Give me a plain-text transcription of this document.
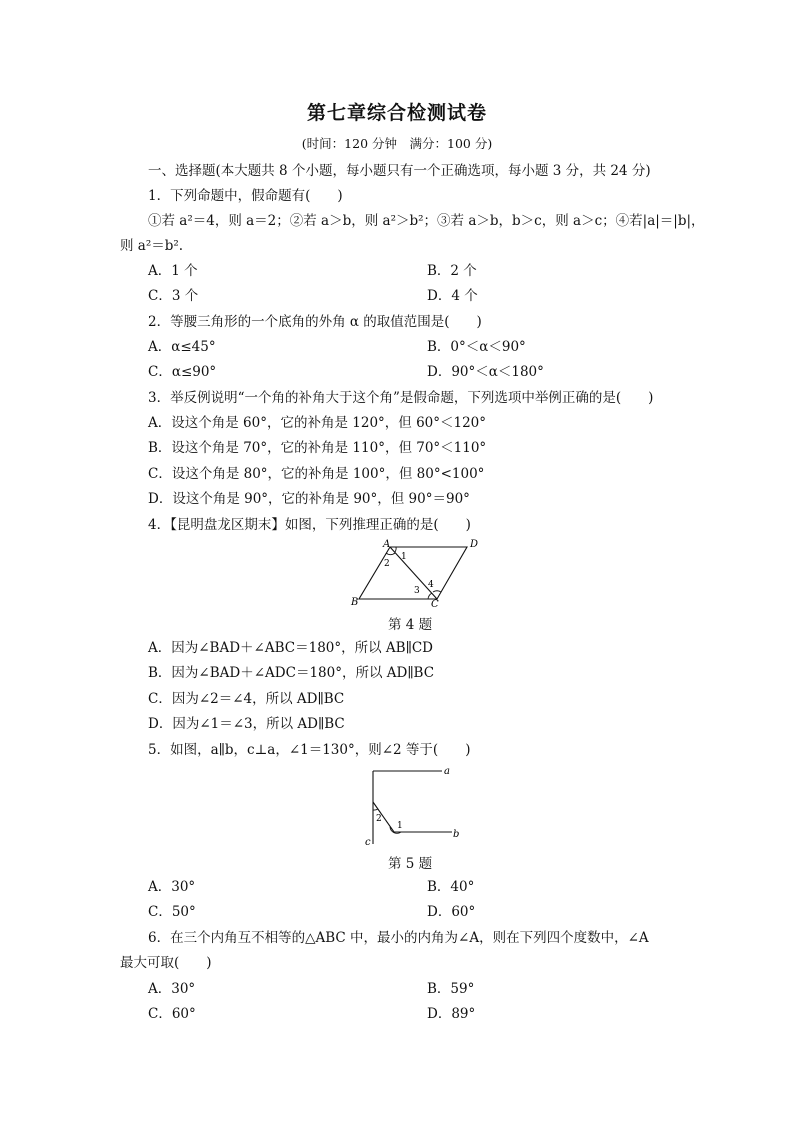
第七章综合检测试卷
(时间：120 分钟　满分：100 分)
一、选择题(本大题共 8 个小题，每小题只有一个正确选项，每小题 3 分，共 24 分)
1．下列命题中，假命题有(　　)
①若 a²＝4，则 a＝2；②若 a＞b，则 a²＞b²；③若 a＞b，b＞c，则 a＞c；④若|a|＝|b|，
则 a²＝b².
A．1 个	B．2 个
C．3 个	D．4 个
2．等腰三角形的一个底角的外角 α 的取值范围是(　　)
A．α≤45°	B．0°＜α＜90°
C．α≤90°	D．90°＜α＜180°
3．举反例说明“一个角的补角大于这个角”是假命题，下列选项中举例正确的是(　　)
A．设这个角是 60°，它的补角是 120°，但 60°＜120°
B．设这个角是 70°，它的补角是 110°，但 70°＜110°
C．设这个角是 80°，它的补角是 100°，但 80°<100°
D．设这个角是 90°，它的补角是 90°，但 90°＝90°
4．【昆明盘龙区期末】如图，下列推理正确的是(　　)
A	D
B	C
1
2
3
4
第 4 题
A．因为∠BAD＋∠ABC＝180°，所以 AB∥CD
B．因为∠BAD＋∠ADC＝180°，所以 AD∥BC
C．因为∠2＝∠4，所以 AD∥BC
D．因为∠1＝∠3，所以 AD∥BC
5．如图，a∥b，c⊥a，∠1＝130°，则∠2 等于(　　)
a
b
c
1
2
第 5 题
A．30°	B．40°
C．50°	D．60°
6．在三个内角互不相等的△ABC 中，最小的内角为∠A，则在下列四个度数中，∠A
最大可取(　　)
A．30°	B．59°
C．60°	D．89°
